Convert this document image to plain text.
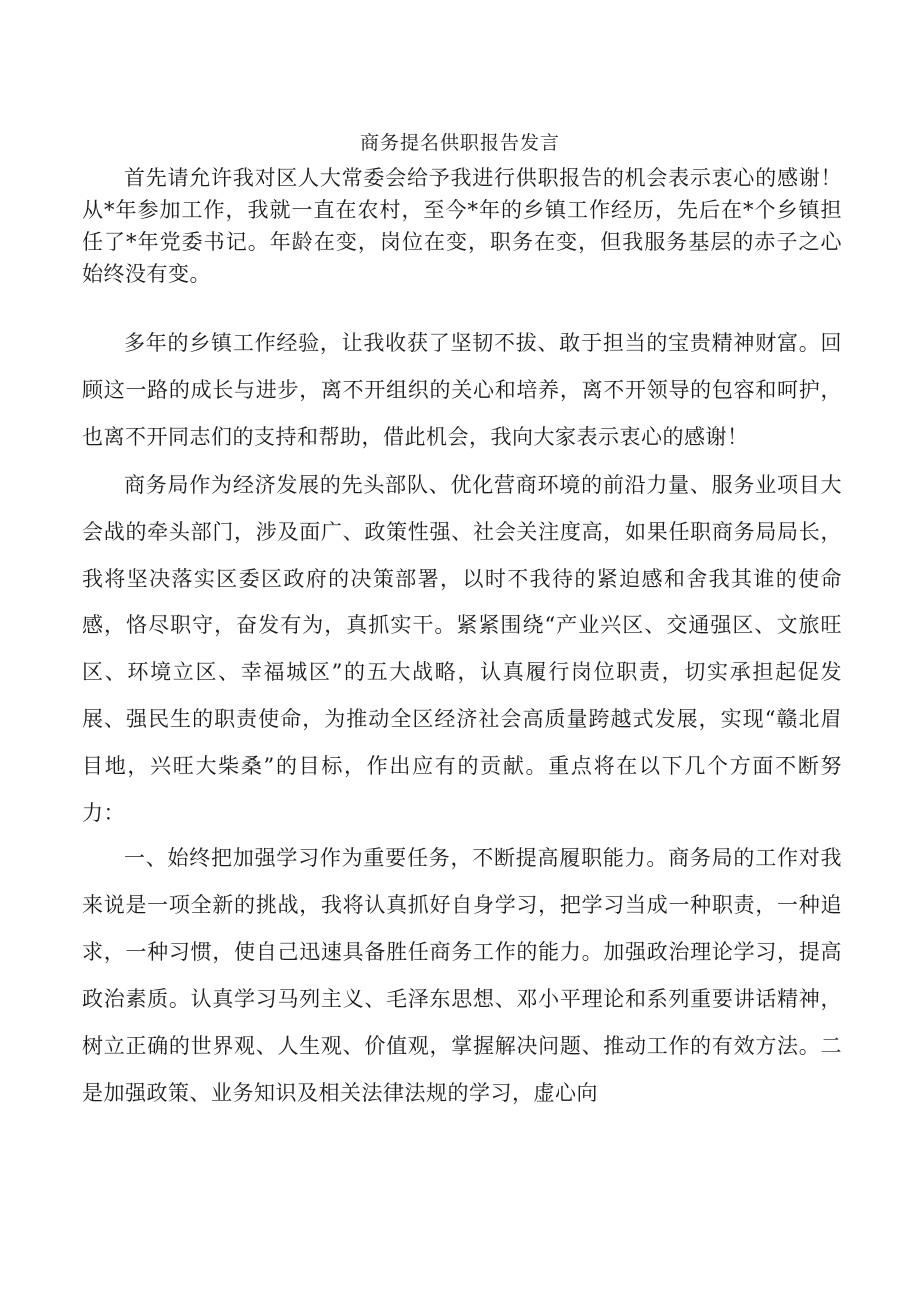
商务提名供职报告发言

首先请允许我对区人大常委会给予我进行供职报告的机会表示衷心的感谢！从*年参加工作，我就一直在农村，至今*年的乡镇工作经历，先后在*个乡镇担任了*年党委书记。年龄在变，岗位在变，职务在变，但我服务基层的赤子之心始终没有变。

多年的乡镇工作经验，让我收获了坚韧不拔、敢于担当的宝贵精神财富。回顾这一路的成长与进步，离不开组织的关心和培养，离不开领导的包容和呵护，也离不开同志们的支持和帮助，借此机会，我向大家表示衷心的感谢！

商务局作为经济发展的先头部队、优化营商环境的前沿力量、服务业项目大会战的牵头部门，涉及面广、政策性强、社会关注度高，如果任职商务局局长，我将坚决落实区委区政府的决策部署，以时不我待的紧迫感和舍我其谁的使命感，恪尽职守，奋发有为，真抓实干。紧紧围绕“产业兴区、交通强区、文旅旺区、环境立区、幸福城区”的五大战略，认真履行岗位职责，切实承担起促发展、强民生的职责使命，为推动全区经济社会高质量跨越式发展，实现“赣北眉目地，兴旺大柴桑”的目标，作出应有的贡献。重点将在以下几个方面不断努力：

一、始终把加强学习作为重要任务，不断提高履职能力。商务局的工作对我来说是一项全新的挑战，我将认真抓好自身学习，把学习当成一种职责，一种追求，一种习惯，使自己迅速具备胜任商务工作的能力。加强政治理论学习，提高政治素质。认真学习马列主义、毛泽东思想、邓小平理论和系列重要讲话精神，树立正确的世界观、人生观、价值观，掌握解决问题、推动工作的有效方法。二是加强政策、业务知识及相关法律法规的学习，虚心向
